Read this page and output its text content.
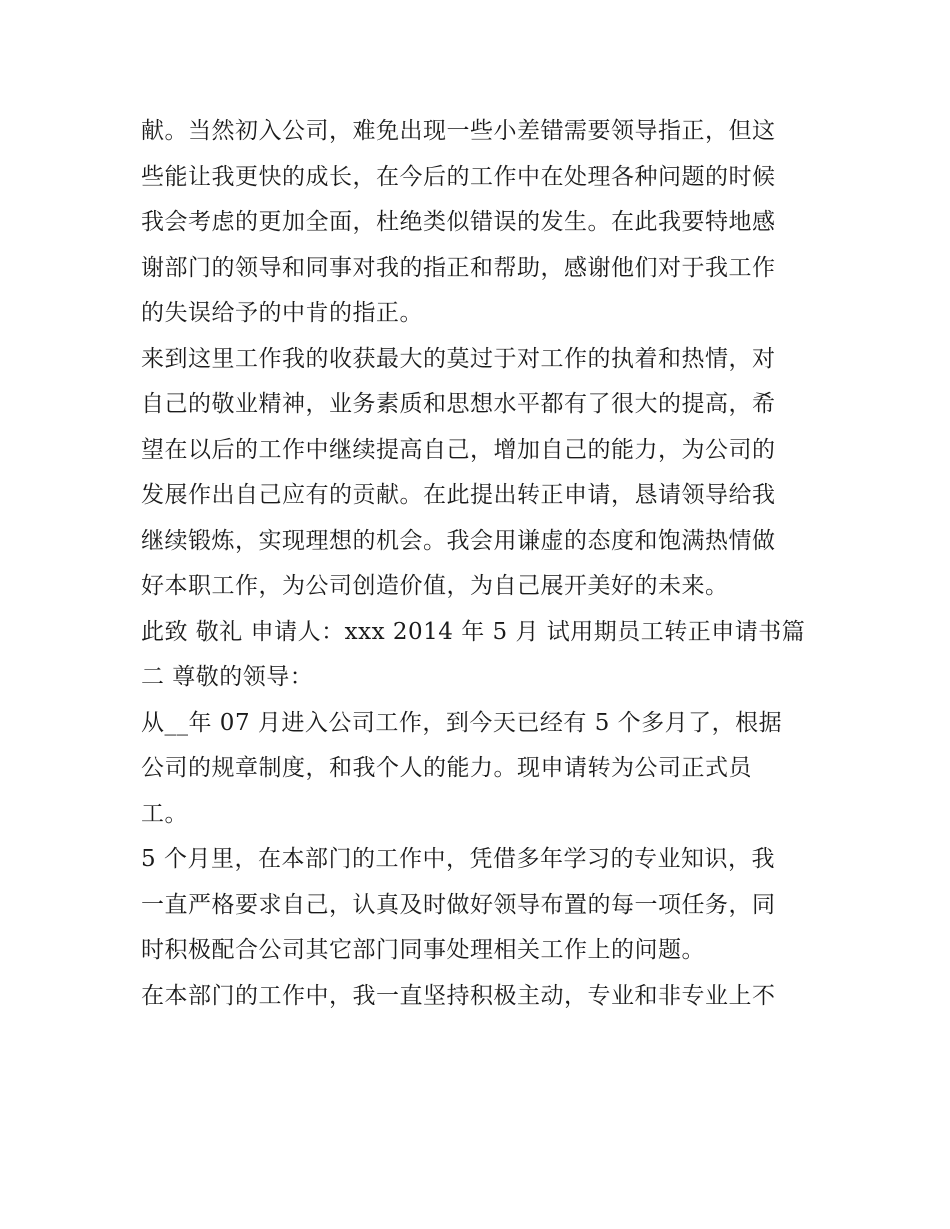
献。当然初入公司，难免出现一些小差错需要领导指正，但这
些能让我更快的成长，在今后的工作中在处理各种问题的时候
我会考虑的更加全面，杜绝类似错误的发生。在此我要特地感
谢部门的领导和同事对我的指正和帮助，感谢他们对于我工作
的失误给予的中肯的指正。
来到这里工作我的收获最大的莫过于对工作的执着和热情，对
自己的敬业精神，业务素质和思想水平都有了很大的提高，希
望在以后的工作中继续提高自己，增加自己的能力，为公司的
发展作出自己应有的贡献。在此提出转正申请，恳请领导给我
继续锻炼，实现理想的机会。我会用谦虚的态度和饱满热情做
好本职工作，为公司创造价值，为自己展开美好的未来。
此致 敬礼 申请人：xxx 2014 年 5 月 试用期员工转正申请书篇
二 尊敬的领导：
从__年 07 月进入公司工作，到今天已经有 5 个多月了，根据
公司的规章制度，和我个人的能力。现申请转为公司正式员
工。
5 个月里，在本部门的工作中，凭借多年学习的专业知识，我
一直严格要求自己，认真及时做好领导布置的每一项任务，同
时积极配合公司其它部门同事处理相关工作上的问题。
在本部门的工作中，我一直坚持积极主动，专业和非专业上不
